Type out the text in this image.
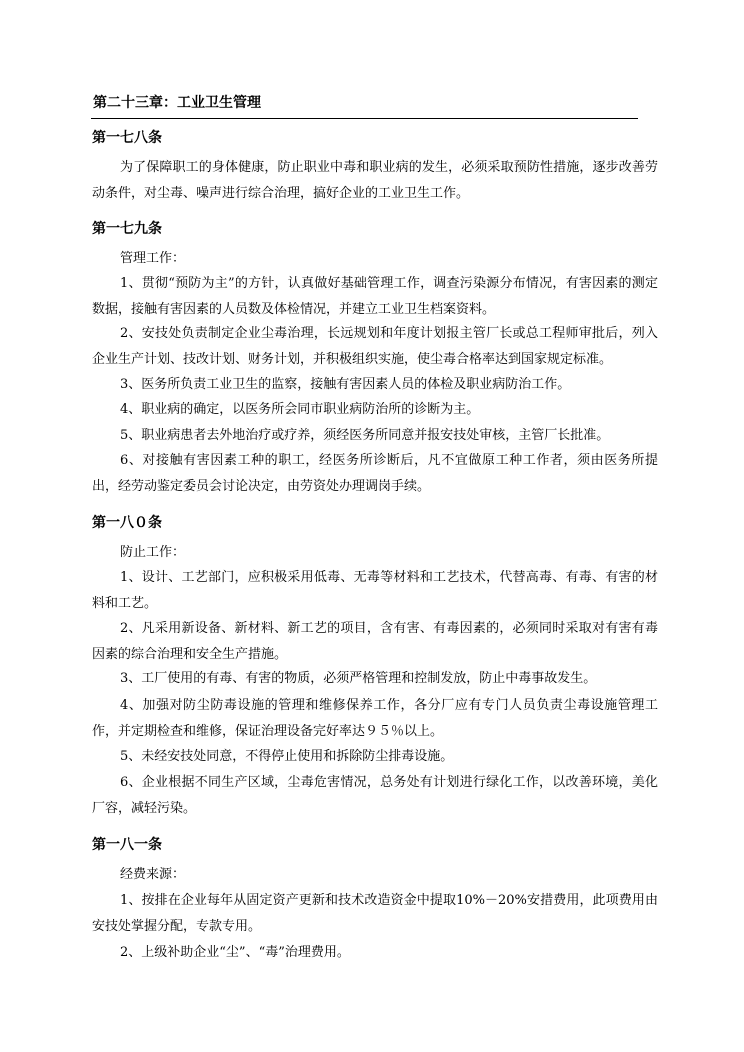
第二十三章：工业卫生管理
第一七八条

为了保障职工的身体健康，防止职业中毒和职业病的发生，必须采取预防性措施，逐步改善劳动条件，对尘毒、噪声进行综合治理，搞好企业的工业卫生工作。

第一七九条

管理工作：

1、贯彻“预防为主”的方针，认真做好基础管理工作，调查污染源分布情况，有害因素的测定数据，接触有害因素的人员数及体检情况，并建立工业卫生档案资料。

2、安技处负责制定企业尘毒治理，长远规划和年度计划报主管厂长或总工程师审批后，列入企业生产计划、技改计划、财务计划，并积极组织实施，使尘毒合格率达到国家规定标准。

3、医务所负责工业卫生的监察，接触有害因素人员的体检及职业病防治工作。

4、职业病的确定，以医务所会同市职业病防治所的诊断为主。

5、职业病患者去外地治疗或疗养，须经医务所同意并报安技处审核，主管厂长批准。

6、对接触有害因素工种的职工，经医务所诊断后，凡不宜做原工种工作者，须由医务所提出，经劳动鉴定委员会讨论决定，由劳资处办理调岗手续。

第一八０条

防止工作：

1、设计、工艺部门，应积极采用低毒、无毒等材料和工艺技术，代替高毒、有毒、有害的材料和工艺。

2、凡采用新设备、新材料、新工艺的项目，含有害、有毒因素的，必须同时采取对有害有毒因素的综合治理和安全生产措施。

3、工厂使用的有毒、有害的物质，必须严格管理和控制发放，防止中毒事故发生。

4、加强对防尘防毒设施的管理和维修保养工作，各分厂应有专门人员负责尘毒设施管理工作，并定期检查和维修，保证治理设备完好率达９５％以上。

5、未经安技处同意，不得停止使用和拆除防尘排毒设施。

6、企业根据不同生产区域，尘毒危害情况，总务处有计划进行绿化工作，以改善环境，美化厂容，减轻污染。

第一八一条

经费来源：

1、按排在企业每年从固定资产更新和技术改造资金中提取10%－20%安措费用，此项费用由安技处掌握分配，专款专用。

2、上级补助企业“尘”、“毒”治理费用。
